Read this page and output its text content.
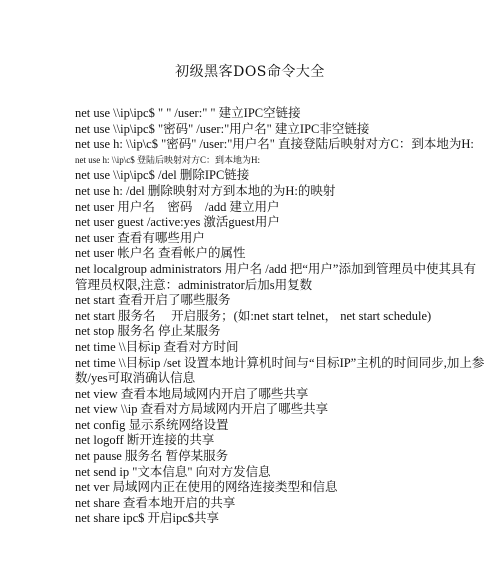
初级黑客DOS命令大全
net use \\ip\ipc$ " " /user:" " 建立IPC空链接
net use \\ip\ipc$ "密码" /user:"用户名" 建立IPC非空链接
net use h: \\ip\c$ "密码" /user:"用户名" 直接登陆后映射对方C：到本地为H:
net use h: \\ip\c$ 登陆后映射对方C：到本地为H:
net use \\ip\ipc$ /del 删除IPC链接
net use h: /del 删除映射对方到本地的为H:的映射
net user 用户名　密码　/add 建立用户
net user guest /active:yes 激活guest用户
net user 查看有哪些用户
net user 帐户名 查看帐户的属性
net localgroup administrators 用户名 /add 把“用户”添加到管理员中使其具有管理员权限,注意：administrator后加s用复数
net start 查看开启了哪些服务
net start 服务名　 开启服务；(如:net start telnet， net start schedule)
net stop 服务名 停止某服务
net time \\目标ip 查看对方时间
net time \\目标ip /set 设置本地计算机时间与“目标IP”主机的时间同步,加上参数/yes可取消确认信息
net view 查看本地局域网内开启了哪些共享
net view \\ip 查看对方局域网内开启了哪些共享
net config 显示系统网络设置
net logoff 断开连接的共享
net pause 服务名 暂停某服务
net send ip "文本信息" 向对方发信息
net ver 局域网内正在使用的网络连接类型和信息
net share 查看本地开启的共享
net share ipc$ 开启ipc$共享
